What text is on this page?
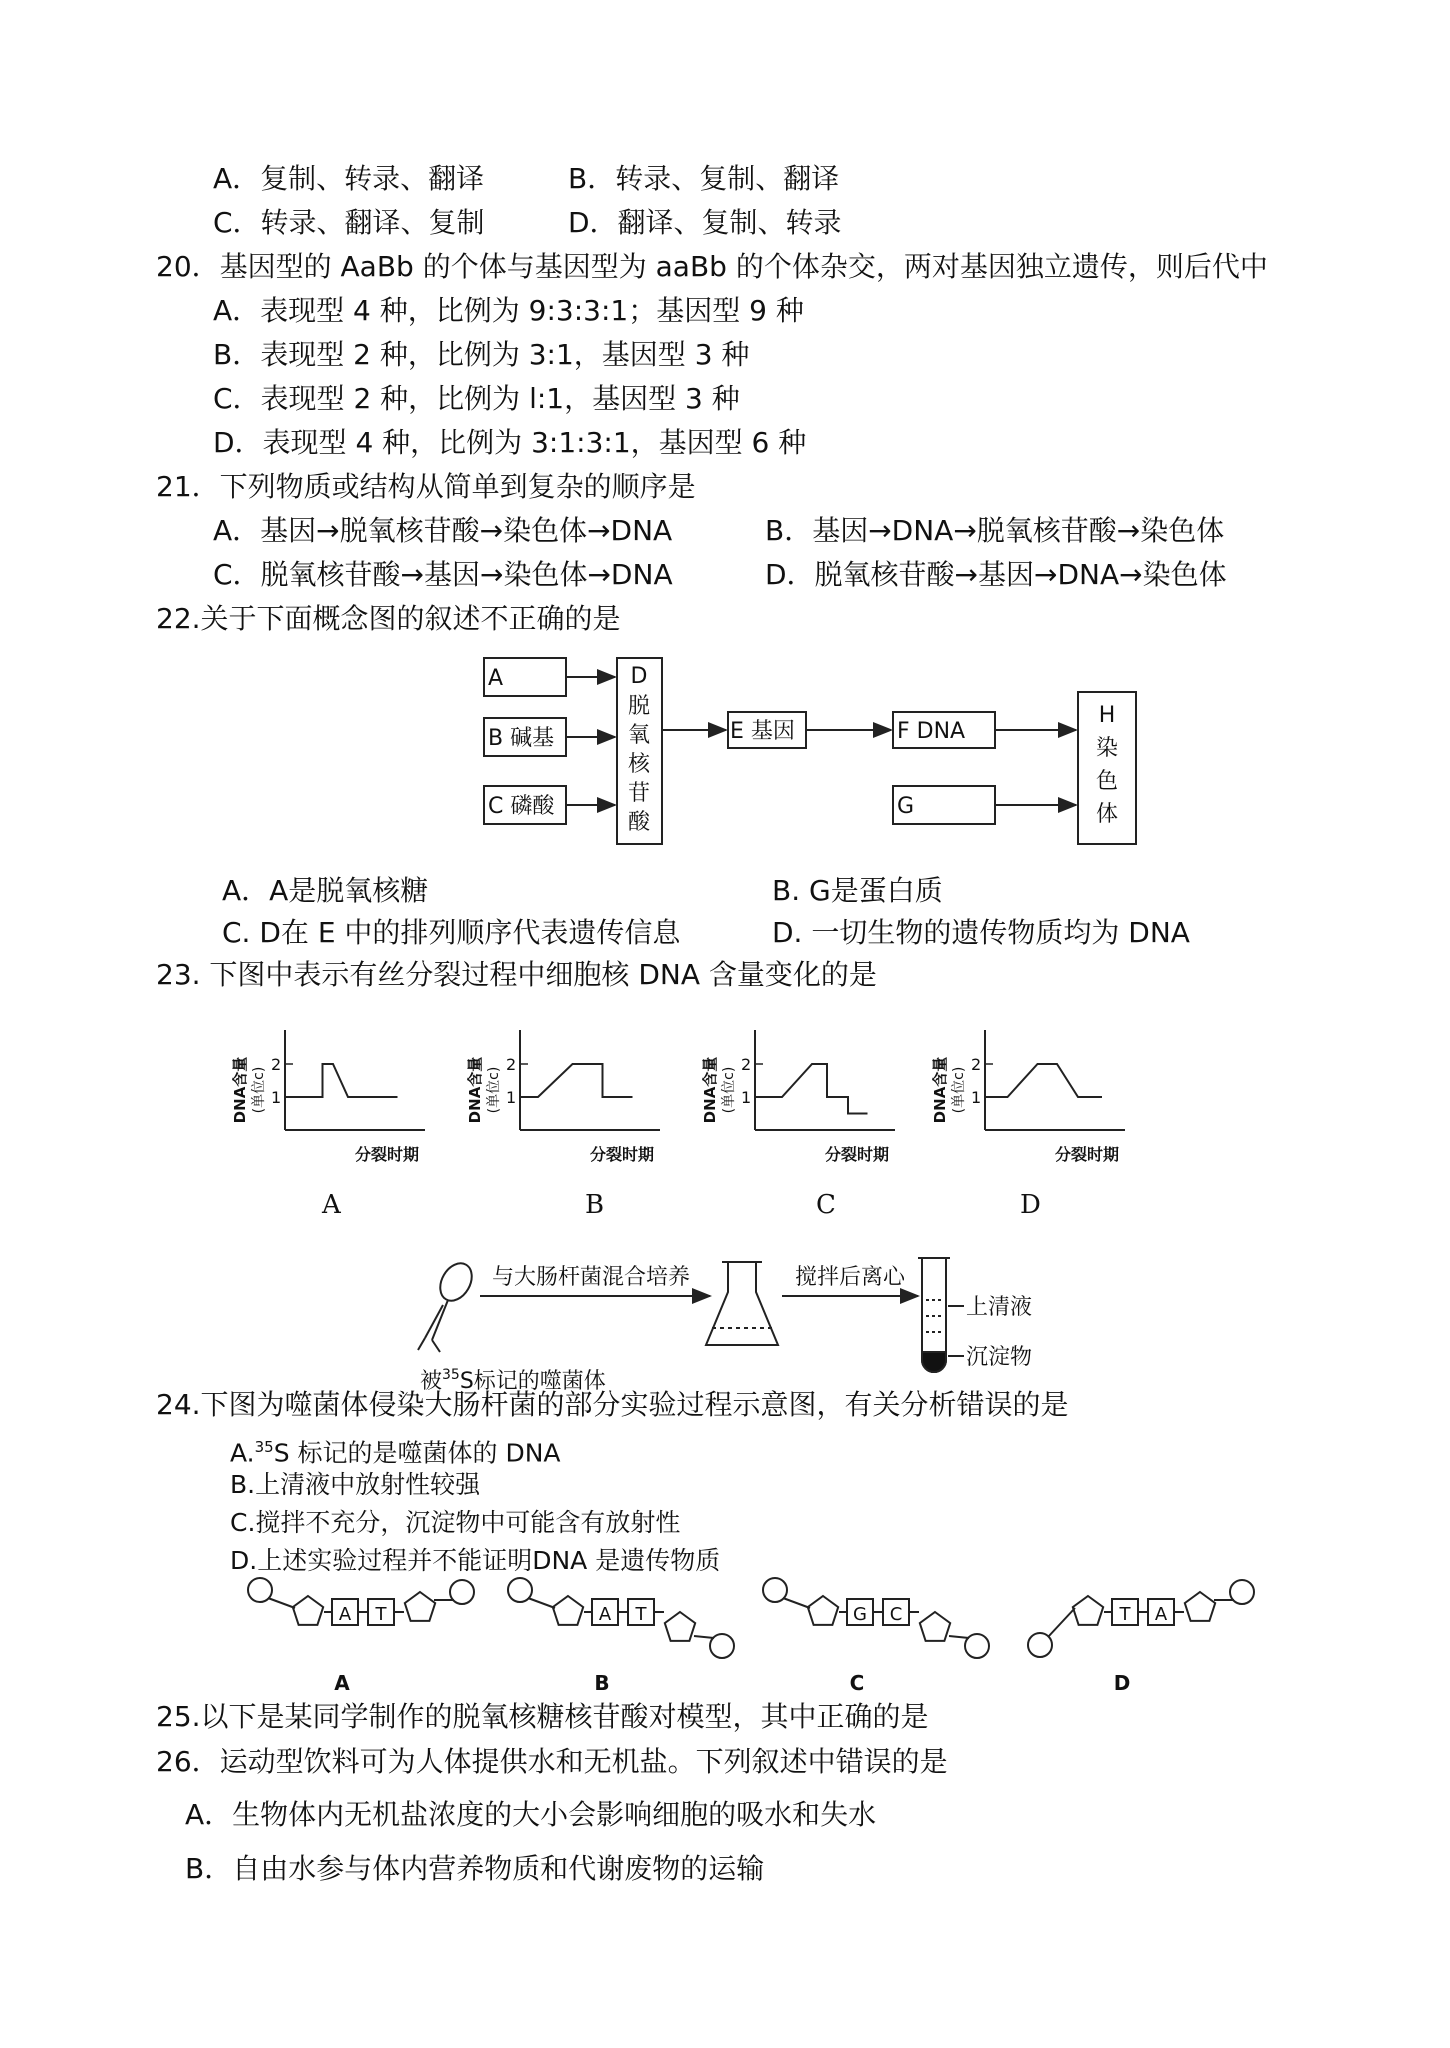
A．复制、转录、翻译	B．转录、复制、翻译
C．转录、翻译、复制	D．翻译、复制、转录
20．基因型的 AaBb 的个体与基因型为 aaBb 的个体杂交，两对基因独立遗传，则后代中
A．表现型 4 种，比例为 9:3:3:1；基因型 9 种
B．表现型 2 种，比例为 3:1，基因型 3 种
C．表现型 2 种，比例为 l:1，基因型 3 种
D．表现型 4 种，比例为 3:1:3:1，基因型 6 种
21．下列物质或结构从简单到复杂的顺序是
A．基因→脱氧核苷酸→染色体→DNA	B．基因→DNA→脱氧核苷酸→染色体
C．脱氧核苷酸→基因→染色体→DNA	D．脱氧核苷酸→基因→DNA→染色体
22.关于下面概念图的叙述不正确的是
A
B 碱基
C 磷酸
E 基因	F DNA
G
D
脱
氧
核
苷
酸
H
染
色
体
1
2
分裂时期
DNA含量 (单位c)	1
2
分裂时期
DNA含量 (单位c)	1
2
分裂时期
DNA含量 (单位c)	1
2
分裂时期
DNA含量 (单位c)
与大肠杆菌混合培养	搅拌后离心
上清液
沉淀物
被$^{35}$S标记的噬菌体
A T
A
A T
B
G C
C
T A
D
A．A是脱氧核糖	B. G是蛋白质
C. D在 E 中的排列顺序代表遗传信息	D. 一切生物的遗传物质均为 DNA
23. 下图中表示有丝分裂过程中细胞核 DNA 含量变化的是
A	B	C	D
24.下图为噬菌体侵染大肠杆菌的部分实验过程示意图，有关分析错误的是
A.$^{35}$S 标记的是噬菌体的 DNA
B.上清液中放射性较强
C.搅拌不充分，沉淀物中可能含有放射性
D.上述实验过程并不能证明DNA 是遗传物质
25.以下是某同学制作的脱氧核糖核苷酸对模型，其中正确的是
26．运动型饮料可为人体提供水和无机盐。下列叙述中错误的是
A．生物体内无机盐浓度的大小会影响细胞的吸水和失水
B．自由水参与体内营养物质和代谢废物的运输
